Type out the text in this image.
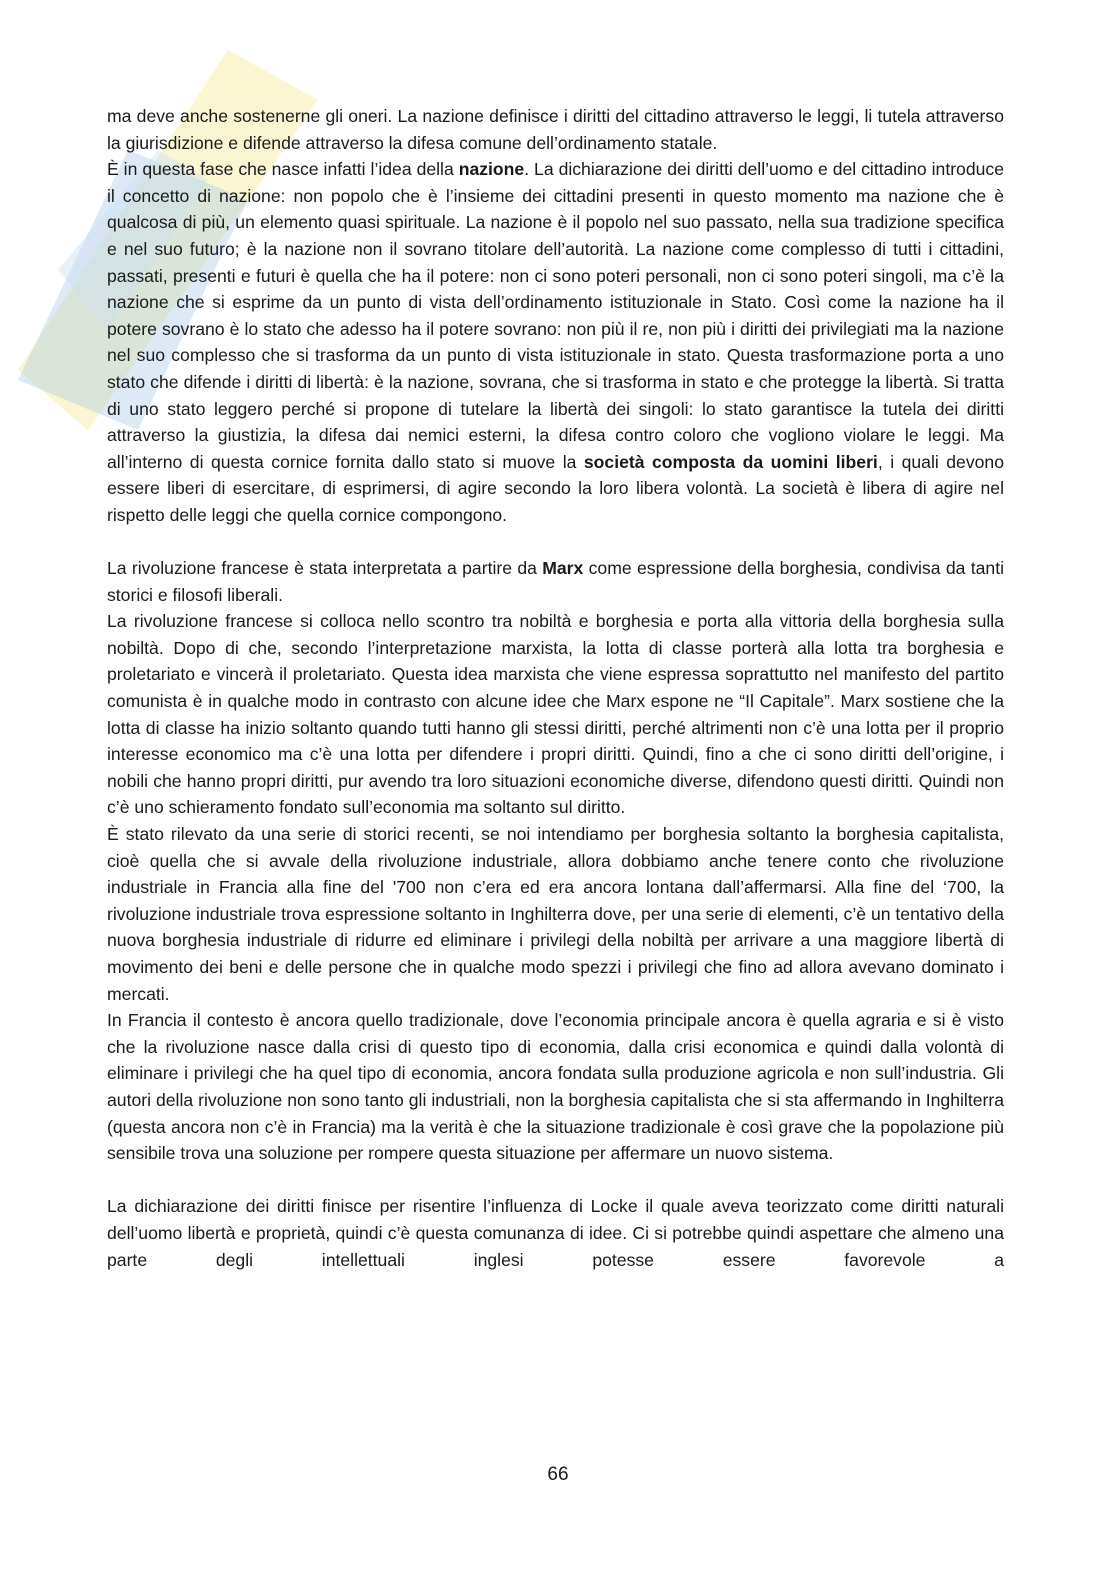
ma deve anche sostenerne gli oneri. La nazione definisce i diritti del cittadino attraverso le leggi, li tutela attraverso la giurisdizione e difende attraverso la difesa comune dell’ordinamento statale.

È in questa fase che nasce infatti l’idea della nazione. La dichiarazione dei diritti dell’uomo e del cittadino introduce il concetto di nazione: non popolo che è l’insieme dei cittadini presenti in questo momento ma nazione che è qualcosa di più, un elemento quasi spirituale. La nazione è il popolo nel suo passato, nella sua tradizione specifica e nel suo futuro; è la nazione non il sovrano titolare dell’autorità. La nazione come complesso di tutti i cittadini, passati, presenti e futuri è quella che ha il potere: non ci sono poteri personali, non ci sono poteri singoli, ma c’è la nazione che si esprime da un punto di vista dell’ordinamento istituzionale in Stato. Così come la nazione ha il potere sovrano è lo stato che adesso ha il potere sovrano: non più il re, non più i diritti dei privilegiati ma la nazione nel suo complesso che si trasforma da un punto di vista istituzionale in stato. Questa trasformazione porta a uno stato che difende i diritti di libertà: è la nazione, sovrana, che si trasforma in stato e che protegge la libertà. Si tratta di uno stato leggero perché si propone di tutelare la libertà dei singoli: lo stato garantisce la tutela dei diritti attraverso la giustizia, la difesa dai nemici esterni, la difesa contro coloro che vogliono violare le leggi. Ma all’interno di questa cornice fornita dallo stato si muove la società composta da uomini liberi, i quali devono essere liberi di esercitare, di esprimersi, di agire secondo la loro libera volontà. La società è libera di agire nel rispetto delle leggi che quella cornice compongono.

La rivoluzione francese è stata interpretata a partire da Marx come espressione della borghesia, condivisa da tanti storici e filosofi liberali.

La rivoluzione francese si colloca nello scontro tra nobiltà e borghesia e porta alla vittoria della borghesia sulla nobiltà. Dopo di che, secondo l’interpretazione marxista, la lotta di classe porterà alla lotta tra borghesia e proletariato e vincerà il proletariato. Questa idea marxista che viene espressa soprattutto nel manifesto del partito comunista è in qualche modo in contrasto con alcune idee che Marx espone ne “Il Capitale”. Marx sostiene che la lotta di classe ha inizio soltanto quando tutti hanno gli stessi diritti, perché altrimenti non c’è una lotta per il proprio interesse economico ma c’è una lotta per difendere i propri diritti. Quindi, fino a che ci sono diritti dell’origine, i nobili che hanno propri diritti, pur avendo tra loro situazioni economiche diverse, difendono questi diritti. Quindi non c’è uno schieramento fondato sull’economia ma soltanto sul diritto.

È stato rilevato da una serie di storici recenti, se noi intendiamo per borghesia soltanto la borghesia capitalista, cioè quella che si avvale della rivoluzione industriale, allora dobbiamo anche tenere conto che rivoluzione industriale in Francia alla fine del '700 non c’era ed era ancora lontana dall’affermarsi. Alla fine del ‘700, la rivoluzione industriale trova espressione soltanto in Inghilterra dove, per una serie di elementi, c’è un tentativo della nuova borghesia industriale di ridurre ed eliminare i privilegi della nobiltà per arrivare a una maggiore libertà di movimento dei beni e delle persone che in qualche modo spezzi i privilegi che fino ad allora avevano dominato i mercati.

In Francia il contesto è ancora quello tradizionale, dove l’economia principale ancora è quella agraria e si è visto che la rivoluzione nasce dalla crisi di questo tipo di economia, dalla crisi economica e quindi dalla volontà di eliminare i privilegi che ha quel tipo di economia, ancora fondata sulla produzione agricola e non sull’industria. Gli autori della rivoluzione non sono tanto gli industriali, non la borghesia capitalista che si sta affermando in Inghilterra (questa ancora non c’è in Francia) ma la verità è che la situazione tradizionale è così grave che la popolazione più sensibile trova una soluzione per rompere questa situazione per affermare un nuovo sistema.

La dichiarazione dei diritti finisce per risentire l’influenza di Locke il quale aveva teorizzato come diritti naturali dell’uomo libertà e proprietà, quindi c’è questa comunanza di idee. Ci si potrebbe quindi aspettare che almeno una parte degli intellettuali inglesi potesse essere favorevole a

66
